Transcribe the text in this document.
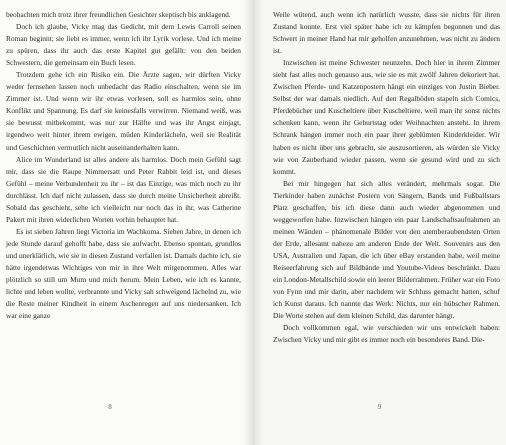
beobachten mich trotz ihrer freundlichen Gesichter skeptisch bis anklagend.

Doch ich glaube, Vicky mag das Gedicht, mit dem Lewis Carroll seinen Roman beginnt; sie liebt es immer, wenn ich ihr Lyrik vorlese. Und ich meine zu spüren, dass ihr auch das erste Kapitel gut gefällt: von den beiden Schwestern, die gemeinsam ein Buch lesen.

Trotzdem gehe ich ein Risiko ein. Die Ärzte sagen, wir dürften Vicky weder fernsehen lassen noch unbedacht das Radio einschalten, wenn sie im Zimmer ist. Und wenn wir ihr etwas vorlesen, soll es harmlos sein, ohne Konflikt und Spannung. Es darf sie keinesfalls verwirren. Niemand weiß, was sie bewusst mitbekommt, was nur zur Hälfte und was ihr Angst einjagt, irgendwo weit hinter ihrem ewigen, müden Kinderlächeln, weil sie Realität und Geschichten vermutlich nicht auseinanderhalten kann.

Alice im Wunderland ist alles andere als harmlos. Doch mein Gefühl sagt mir, dass sie die Raupe Nimmersatt und Peter Rabbit leid ist, und dieses Gefühl – meine Verbundenheit zu ihr – ist das Einzige, was mich noch zu ihr durchlässt. Ich darf nicht zulassen, dass sie durch meine Unsicherheit abreißt. Sobald das geschieht, sehe ich vielleicht nur noch das in ihr, was Catherine Pakert mit ihren widerlichen Worten vorhin behauptet hat.

Es ist sieben Jahren liegt Victoria im Wachkoma. Sieben Jahre, in denen ich jede Stunde darauf gehofft habe, dass sie aufwacht. Ebenso spontan, grundlos und unerklärlich, wie sie in diesen Zustand verfallen ist. Damals dachte ich, sie hätte irgendetwas Wichtiges von mir in ihre Welt mitgenommen. Alles war plötzlich so still um Mum und mich herum. Mein Leben, wie ich es kannte, lichte und leben wollte, verbrannte und Vicky sah schweigend lächelnd zu, wie die Reste meiner Kindheit in einem Aschenregen auf uns niedersanken. Ich war eine ganze

8

Weile wütend, auch wenn ich natürlich wusste, dass sie nichts für ihren Zustand konnte. Erst viel später habe ich zu kämpfen begonnen und das Schwert in meiner Hand hat mir geholfen anzunehmen, was nicht zu ändern ist.

Inzwischen ist meine Schwester neunzehn. Doch hier in ihrem Zimmer sieht fast alles noch genauso aus, wie sie es mit zwölf Jahren dekoriert hat. Zwischen Pferde- und Katzenpostern hängt ein einziges von Justin Bieber. Selbst der war damals niedlich. Auf den Regalböden stapeln sich Comics, Pferdebücher und Kuscheltiere über Kuscheltiere, weil man ihr sonst nichts schenken kann, wenn ihr Geburtstag oder Weihnachten ansteht. In ihrem Schrank hängen immer noch ein paar ihrer geblümten Kinderkleider. Wir haben es nicht über uns gebracht, sie auszusortieren, als würden sie Vicky wie von Zauberhand wieder passen, wenn sie gesund wird und zu sich kommt.

Bei mir hingegen hat sich alles verändert, mehrmals sogar. Die Tierkinder haben zunächst Postern von Sängern, Bands und Fußballstars Platz geschaffen, bis ich diese dann auch wieder abgenommen und weggeworfen habe. Inzwischen hängen ein paar Landschaftsaufnahmen an meinen Wänden – phänomenale Bilder von den atemberaubendsten Orten der Erde, allesamt nahezu am anderen Ende der Welt. Souvenirs aus den USA, Australien und Japan, die ich über eBay erstanden habe, weil meine Reiseerfahrung sich auf Bildbände und Youtube-Videos beschränkt. Dazu ein London-Metallschild sowie ein leerer Bilderrahmen. Früher war ein Foto von Fynn und mir darin, aber nachdem wir Schluss gemacht hatten, schuf ich Kunst daraus. Ich nannte das Werk: Nichts, nur ein hübscher Rahmen. Die Worte stehen auf dem kleinen Schild, das darunter hängt.

Doch vollkommen egal, wie verschieden wir uns entwickelt haben: Zwischen Vicky und mir gibt es immer noch ein besonderes Band. Die-

9
